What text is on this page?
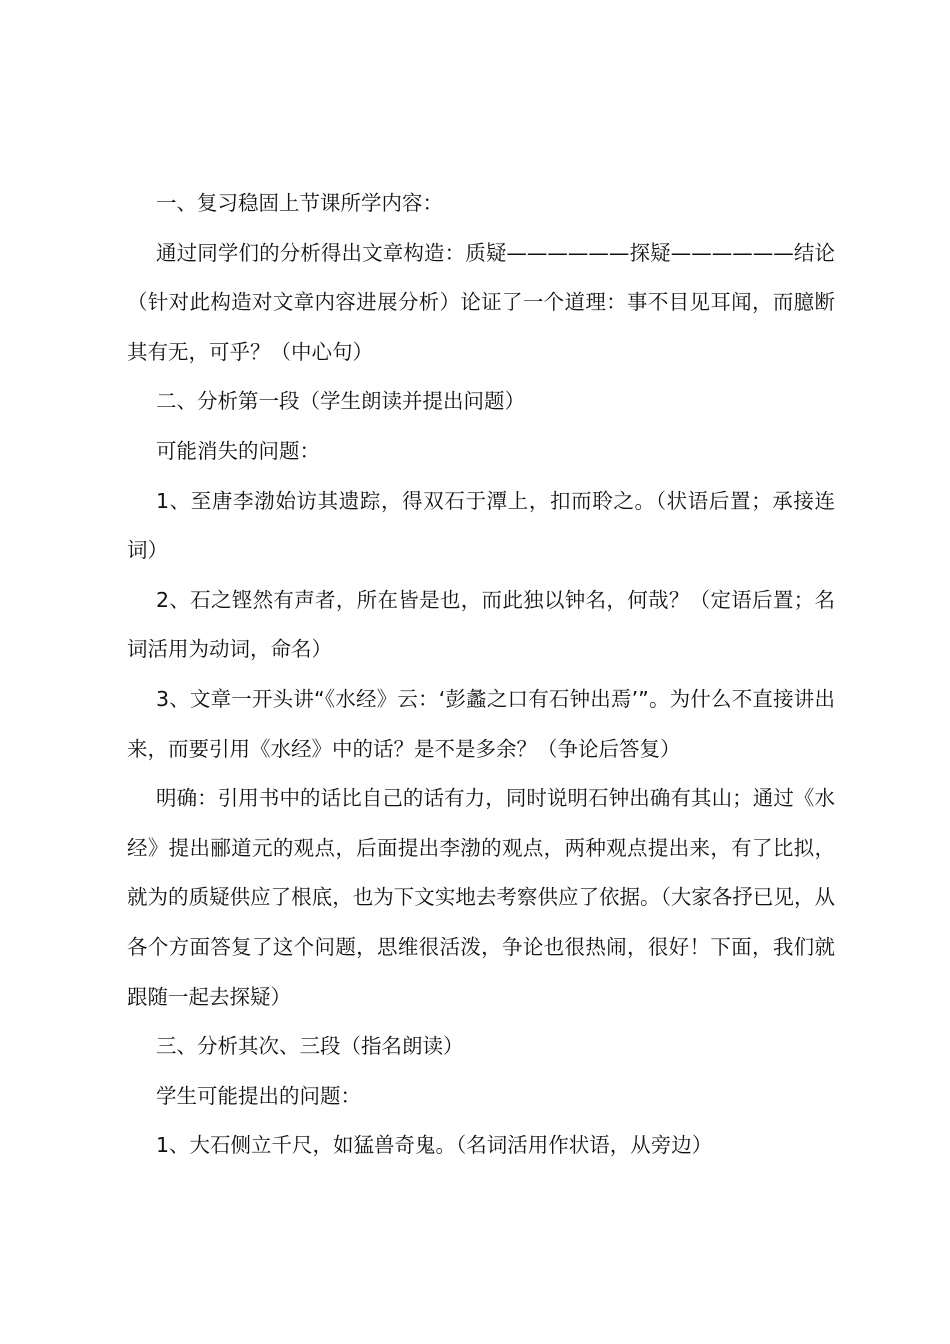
一、复习稳固上节课所学内容：

通过同学们的分析得出文章构造：质疑——————探疑——————结论（针对此构造对文章内容进展分析）论证了一个道理：事不目见耳闻，而臆断其有无，可乎？（中心句）

二、分析第一段（学生朗读并提出问题）

可能消失的问题：

1、至唐李渤始访其遗踪，得双石于潭上，扣而聆之。（状语后置；承接连词）

2、石之铿然有声者，所在皆是也，而此独以钟名，何哉？（定语后置；名词活用为动词，命名）

3、文章一开头讲“《水经》云：‘彭蠡之口有石钟出焉’”。为什么不直接讲出来，而要引用《水经》中的话？是不是多余？（争论后答复）

明确：引用书中的话比自己的话有力，同时说明石钟出确有其山；通过《水经》提出郦道元的观点，后面提出李渤的观点，两种观点提出来，有了比拟，就为的质疑供应了根底，也为下文实地去考察供应了依据。（大家各抒已见，从各个方面答复了这个问题，思维很活泼，争论也很热闹，很好！下面，我们就跟随一起去探疑）

三、分析其次、三段（指名朗读）

学生可能提出的问题：

1、大石侧立千尺，如猛兽奇鬼。（名词活用作状语，从旁边）
